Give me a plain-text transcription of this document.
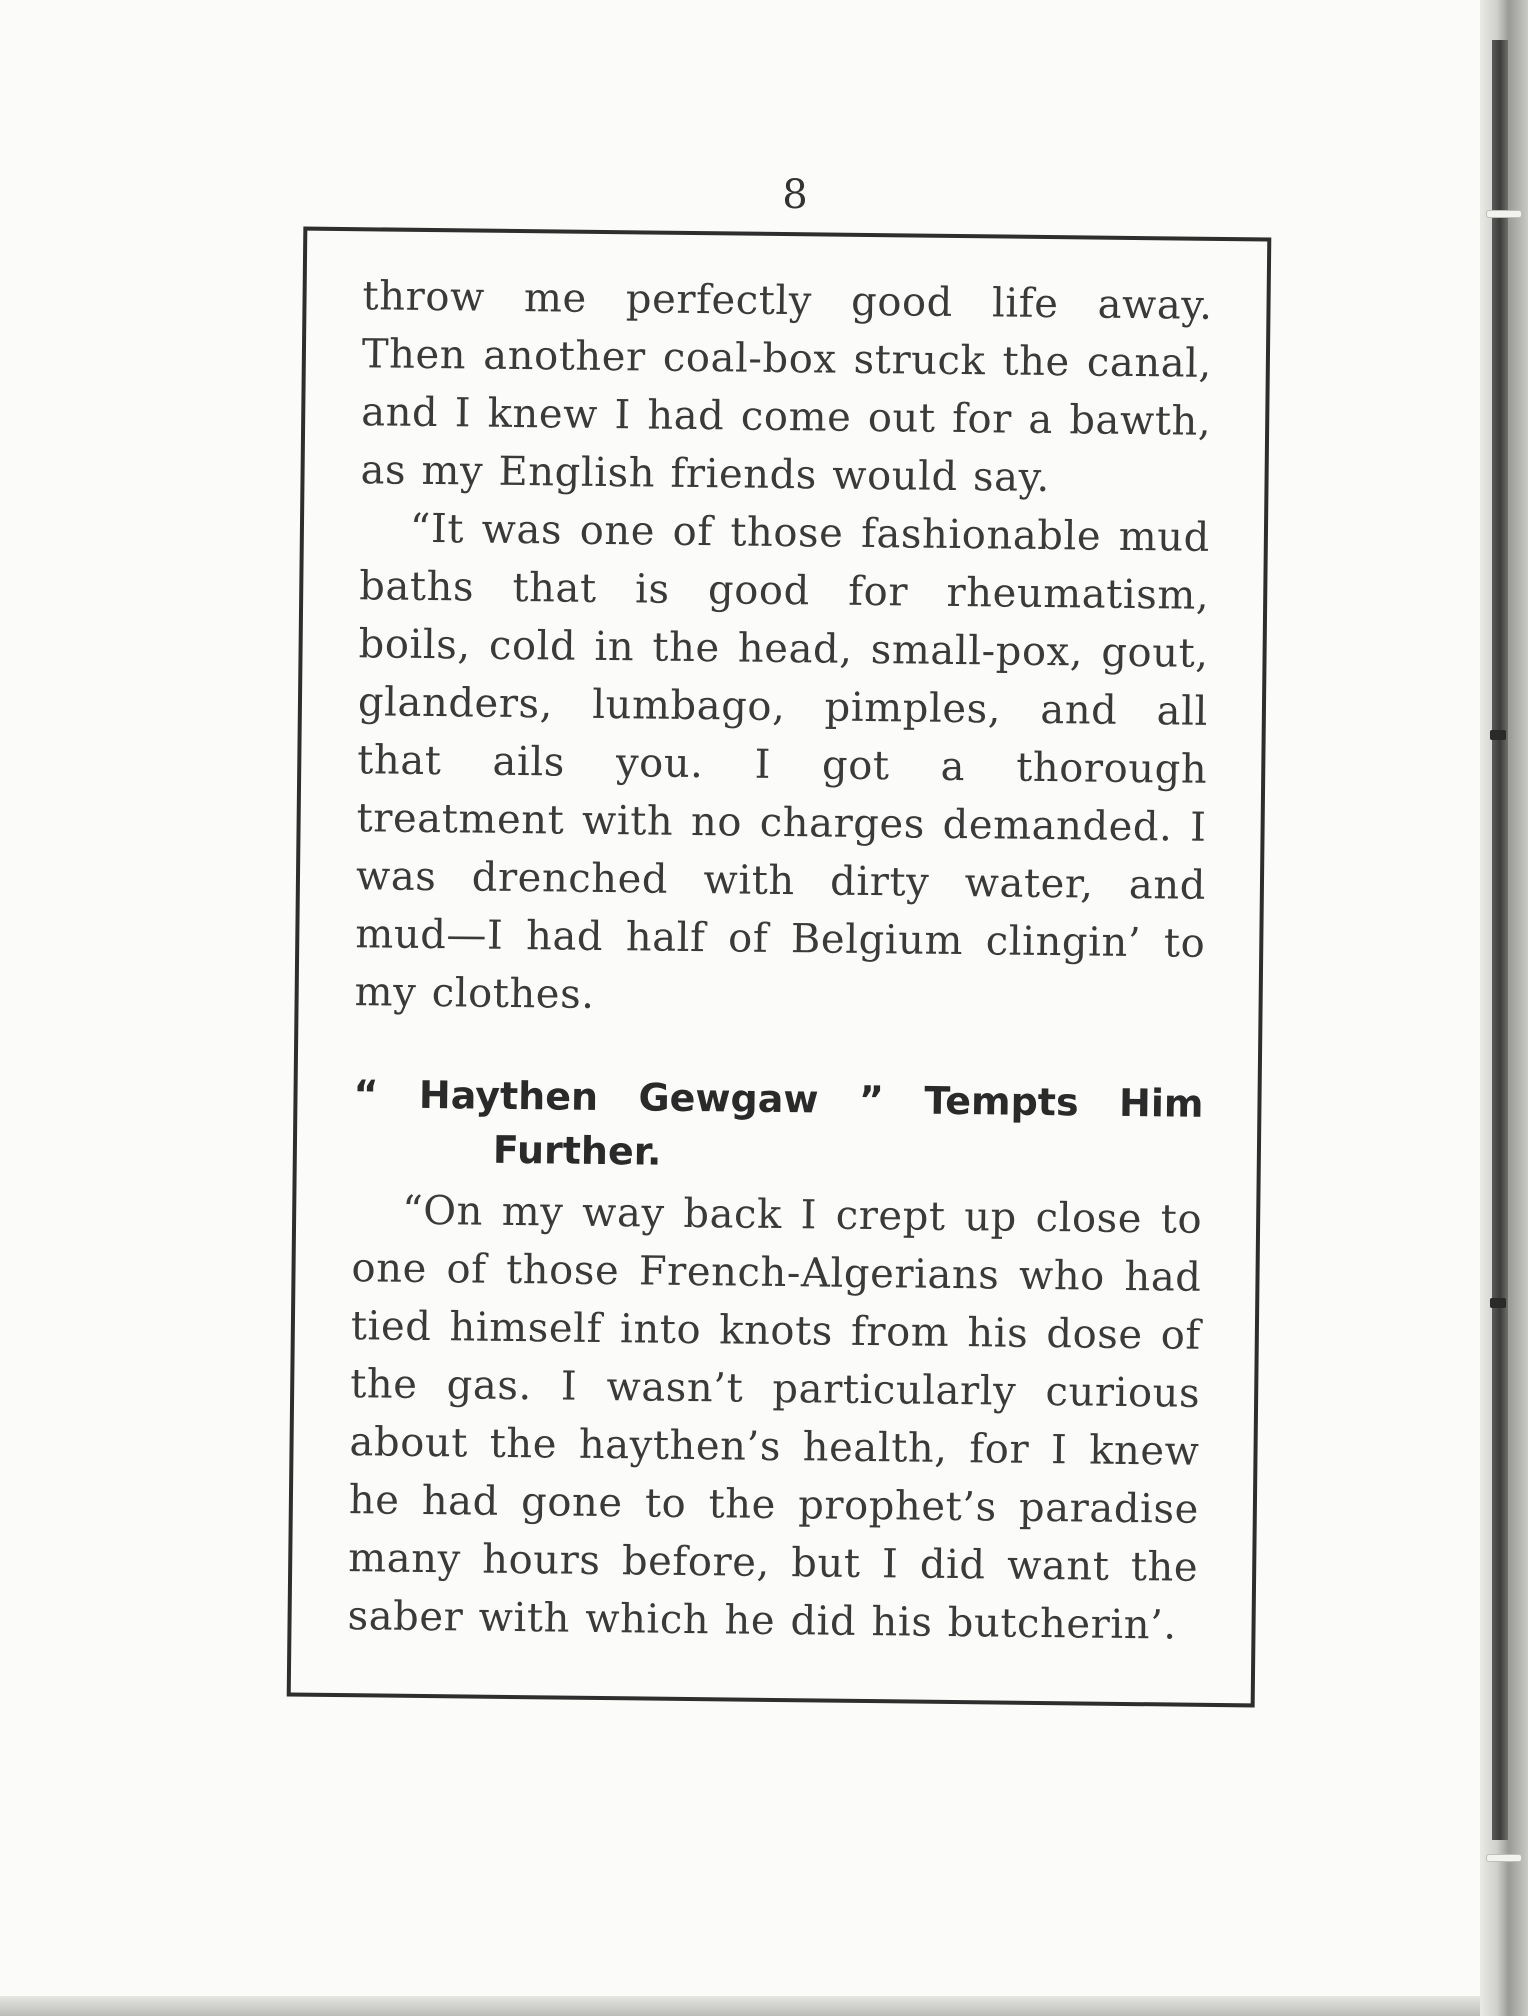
8

throw me perfectly good life away. Then another coal-box struck the canal, and I knew I had come out for a bawth, as my English friends would say.

“It was one of those fashionable mud baths that is good for rheumatism, boils, cold in the head, small-pox, gout, glanders, lumbago, pimples, and all that ails you. I got a thorough treatment with no charges demanded. I was drenched with dirty water, and mud—I had half of Belgium clingin’ to my clothes.

“ Haythen Gewgaw ” Tempts Him
Further.

“On my way back I crept up close to one of those French-Algerians who had tied himself into knots from his dose of the gas. I wasn’t particularly curious about the haythen’s health, for I knew he had gone to the prophet’s paradise many hours before, but I did want the saber with which he did his butcherin’.
